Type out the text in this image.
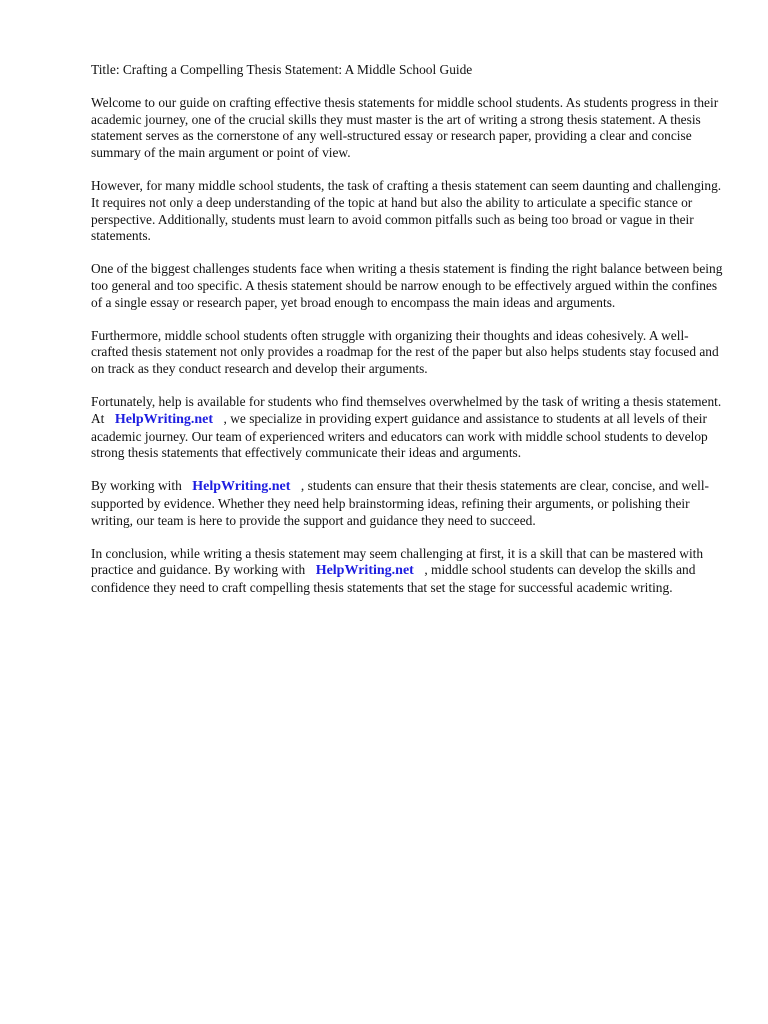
Title: Crafting a Compelling Thesis Statement: A Middle School Guide

Welcome to our guide on crafting effective thesis statements for middle school students. As students progress in their academic journey, one of the crucial skills they must master is the art of writing a strong thesis statement. A thesis statement serves as the cornerstone of any well-structured essay or research paper, providing a clear and concise summary of the main argument or point of view.

However, for many middle school students, the task of crafting a thesis statement can seem daunting and challenging. It requires not only a deep understanding of the topic at hand but also the ability to articulate a specific stance or perspective. Additionally, students must learn to avoid common pitfalls such as being too broad or vague in their statements.

One of the biggest challenges students face when writing a thesis statement is finding the right balance between being too general and too specific. A thesis statement should be narrow enough to be effectively argued within the confines of a single essay or research paper, yet broad enough to encompass the main ideas and arguments.

Furthermore, middle school students often struggle with organizing their thoughts and ideas cohesively. A well-crafted thesis statement not only provides a roadmap for the rest of the paper but also helps students stay focused and on track as they conduct research and develop their arguments.

Fortunately, help is available for students who find themselves overwhelmed by the task of writing a thesis statement. At HelpWriting.net , we specialize in providing expert guidance and assistance to students at all levels of their academic journey. Our team of experienced writers and educators can work with middle school students to develop strong thesis statements that effectively communicate their ideas and arguments.

By working with HelpWriting.net , students can ensure that their thesis statements are clear, concise, and well-supported by evidence. Whether they need help brainstorming ideas, refining their arguments, or polishing their writing, our team is here to provide the support and guidance they need to succeed.

In conclusion, while writing a thesis statement may seem challenging at first, it is a skill that can be mastered with practice and guidance. By working with HelpWriting.net , middle school students can develop the skills and confidence they need to craft compelling thesis statements that set the stage for successful academic writing.
